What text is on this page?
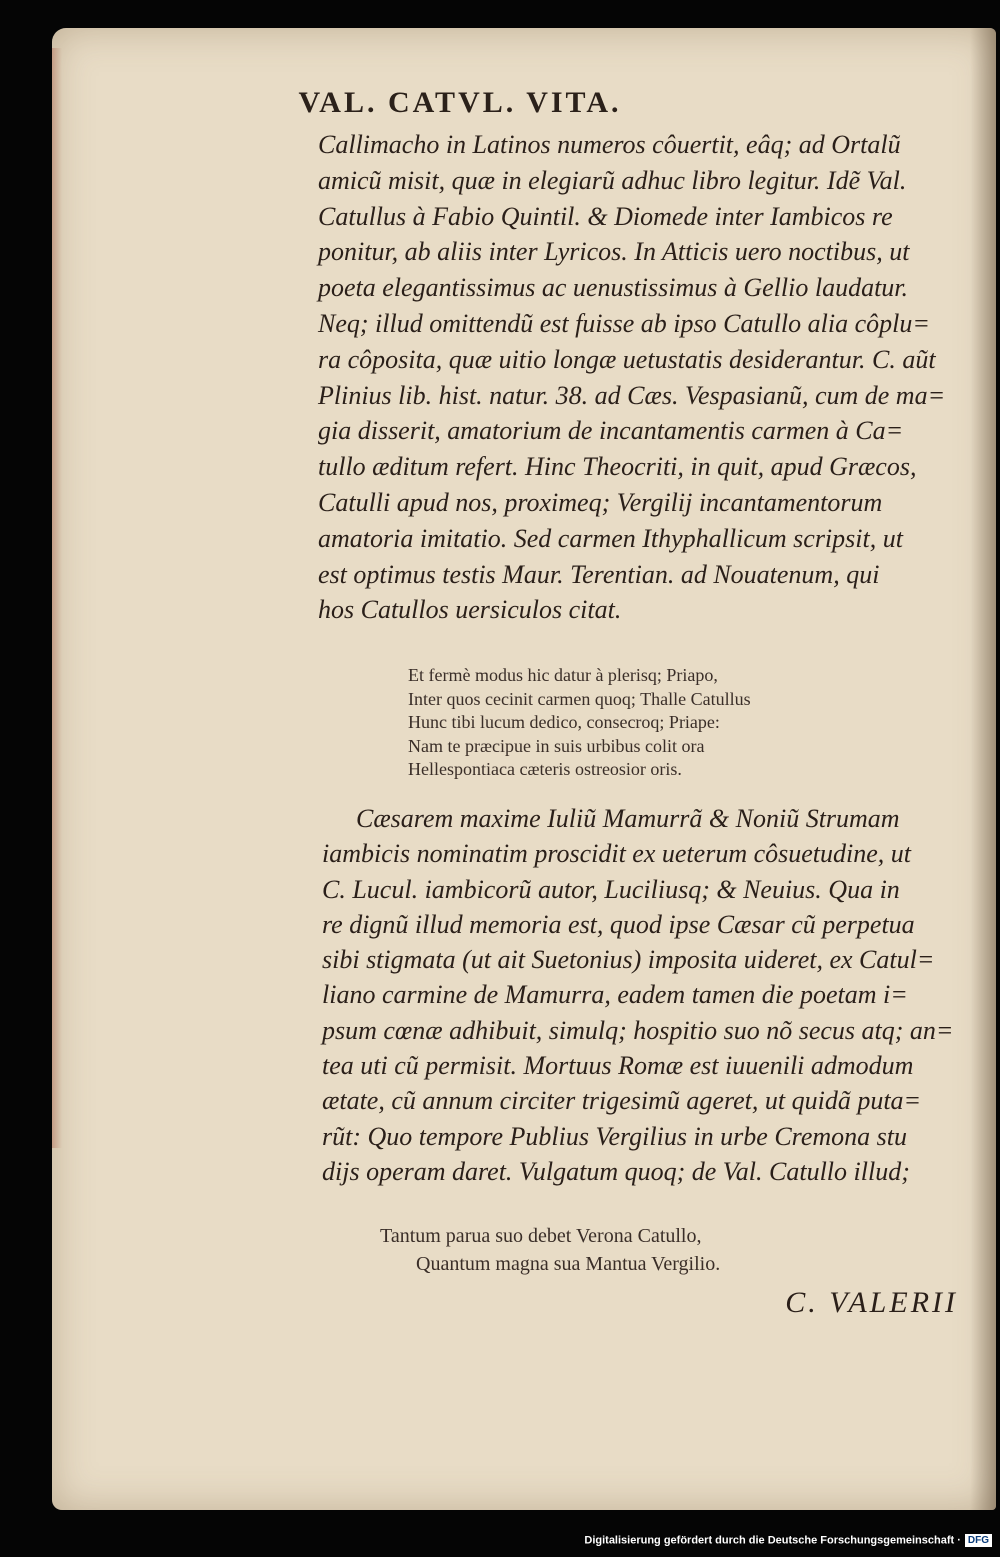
VAL. CATVL. VITA.
Callimacho in Latinos numeros côuertit, eâq; ad Ortalũ
amicũ misit, quæ in elegiarũ adhuc libro legitur. Idẽ Val.
Catullus à Fabio Quintil. & Diomede inter Iambicos re
ponitur, ab aliis inter Lyricos. In Atticis uero noctibus, ut
poeta elegantissimus ac uenustissimus à Gellio laudatur.
Neq; illud omittendũ est fuisse ab ipso Catullo alia côplu=
ra côposita, quæ uitio longæ uetustatis desiderantur. C. aũt
Plinius lib. hist. natur. 38. ad Cæs. Vespasianũ, cum de ma=
gia disserit, amatorium de incantamentis carmen à Ca=
tullo æditum refert. Hinc Theocriti, in quit, apud Græcos,
Catulli apud nos, proximeq; Vergilij incantamentorum
amatoria imitatio. Sed carmen Ithyphallicum scripsit, ut
est optimus testis Maur. Terentian. ad Nouatenum, qui
hos Catullos uersiculos citat.
Et fermè modus hic datur à plerisq; Priapo,
Inter quos cecinit carmen quoq; Thalle Catullus
Hunc tibi lucum dedico, consecroq; Priape:
Nam te præcipue in suis urbibus colit ora
Hellespontiaca cæteris ostreosior oris.
Cæsarem maxime Iuliũ Mamurrã & Noniũ Strumam
iambicis nominatim proscidit ex ueterum côsuetudine, ut
C. Lucul. iambicorũ autor, Luciliusq; & Neuius. Qua in
re dignũ illud memoria est, quod ipse Cæsar cũ perpetua
sibi stigmata (ut ait Suetonius) imposita uideret, ex Catul=
liano carmine de Mamurra, eadem tamen die poetam i=
psum cœnæ adhibuit, simulq; hospitio suo nõ secus atq; an=
tea uti cũ permisit. Mortuus Romæ est iuuenili admodum
ætate, cũ annum circiter trigesimũ ageret, ut quidã puta=
rũt: Quo tempore Publius Vergilius in urbe Cremona stu
dijs operam daret. Vulgatum quoq; de Val. Catullo illud;
Tantum parua suo debet Verona Catullo,
Quantum magna sua Mantua Vergilio.
C. VALERII
Digitalisierung gefördert durch die Deutsche Forschungsgemeinschaft · DFG
